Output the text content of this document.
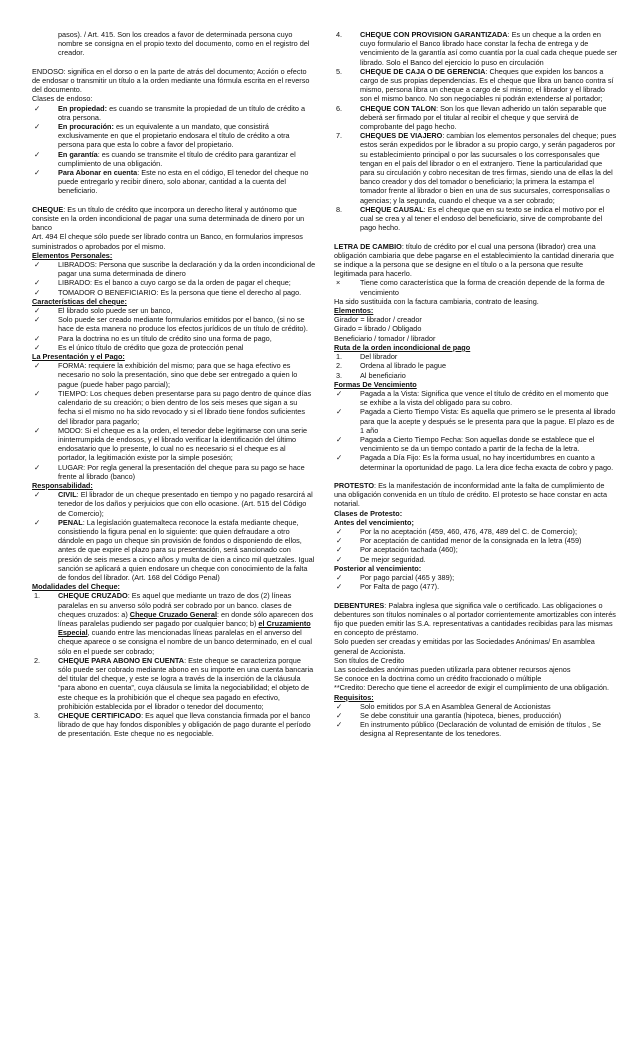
pasos). / Art. 415. Son los creados a favor de determinada persona cuyo nombre se consigna en el propio texto del documento, como en el registro del creador.

ENDOSO: significa en el dorso o en la parte de atrás del documento; Acción o efecto de endosar o transmitir un título a la orden mediante una fórmula escrita en el reverso del documento.

Clases de endoso:

✓	En propiedad: es cuando se transmite la propiedad de un título de crédito a otra persona.
✓	En procuración: es un equivalente a un mandato, que consistirá exclusivamente en que el propietario endosara el título de crédito a otra persona para que esta lo cobre a favor del propietario.
✓	En garantía: es cuando se transmite el título de crédito para garantizar el cumplimiento de una obligación.
✓	Para Abonar en cuenta: Este no esta en el código, El tenedor del cheque no puede entregarlo y recibir dinero, solo abonar, cantidad a la cuenta del beneficiario.

CHEQUE: Es un título de crédito que incorpora un derecho literal y autónomo que consiste en la orden incondicional de pagar una suma determinada de dinero por un banco

Art. 494 El cheque sólo puede ser librado contra un Banco, en formularios impresos suministrados o aprobados por el mismo.

Elementos Personales:

✓	LIBRADOS: Persona que suscribe la declaración y da la orden incondicional de pagar una suma determinada de dinero
✓	LIBRADO: Es el banco a cuyo cargo se da la orden de pagar el cheque;
✓	TOMADOR O BENEFICIARIO: Es la persona que tiene el derecho al pago.

Características del cheque:

✓	El librado solo puede ser un banco,
✓	Solo puede ser creado mediante formularios emitidos por el banco, (si no se hace de esta manera no produce los efectos jurídicos de un título de crédito).
✓	Para la doctrina no es un título de crédito sino una forma de pago,
✓	Es el único título de crédito que goza de protección penal

La Presentación y el Pago:

✓	FORMA: requiere la exhibición del mismo; para que se haga efectivo es necesario no solo la presentación, sino que debe ser entregado a quien lo pague (puede haber pago parcial);
✓	TIEMPO: Los cheques deben presentarse para su pago dentro de quince días calendario de su creación; o bien dentro de los seis meses que sigan a su fecha si el mismo no ha sido revocado y si el librado tiene fondos suficientes del librador para pagarlo;
✓	MODO: Si el cheque es a la orden, el tenedor debe legitimarse con una serie ininterrumpida de endosos, y el librado verificar la identificación del último endosatario que lo presente, lo cual no es necesario si el cheque es al portador, la legitimación existe por la simple posesión;
✓	LUGAR: Por regla general la presentación del cheque para su pago se hace frente al librado (banco)

Responsabilidad:

✓	CIVIL: El librador de un cheque presentado en tiempo y no pagado resarcirá al tenedor de los daños y perjuicios que con ello ocasione. (Art. 515 del Código de Comercio);
✓	PENAL: La legislación guatemalteca reconoce la estafa mediante cheque, consistiendo la figura penal en lo siguiente: que quien defraudare a otro dándole en pago un cheque sin provisión de fondos o disponiendo de ellos, antes de que expire el plazo para su presentación, será sancionado con presión de seis meses a cinco años y multa de cien a cinco mil quetzales. Igual sanción se aplicará a quien endosare un cheque con conocimiento de la falta de fondos del librador. (Art. 168 del Código Penal)

Modalidades del Cheque:

1.	CHEQUE CRUZADO: Es aquel que mediante un trazo de dos (2) líneas paralelas en su anverso sólo podrá ser cobrado por un banco. clases de cheques cruzados: a) Cheque Cruzado General: en donde sólo aparecen dos líneas paralelas pudiendo ser pagado por cualquier banco; b) el Cruzamiento Especial, cuando entre las mencionadas líneas paralelas en el anverso del cheque aparece o se consigna el nombre de un banco determinado, en el cual sólo en el puede ser cobrado;
2.	CHEQUE PARA ABONO EN CUENTA: Este cheque se caracteriza porque sólo puede ser cobrado mediante abono en su importe en una cuenta bancaria del titular del cheque, y este se logra a través de la inserción de la cláusula “para abono en cuenta”, cuya cláusula se limita la negociabilidad; el objeto de este cheque es la prohibición que el cheque sea pagado en efectivo, prohibición establecida por el librador o tenedor del documento;
3.	CHEQUE CERTIFICADO: Es aquel que lleva constancia firmada por el banco librado de que hay fondos disponibles y obligación de pago durante el período de presentación. Este cheque no es negociable.
4.	CHEQUE CON PROVISION GARANTIZADA: Es un cheque a la orden en cuyo formulario el Banco librado hace constar la fecha de entrega y de vencimiento de la garantía así como cuantía por la cual cada cheque puede ser librado. Solo el Banco del ejercicio lo puso en circulación
5.	CHEQUE DE CAJA O DE GERENCIA: Cheques que expiden los bancos a cargo de sus propias dependencias. Es el cheque que libra un banco contra sí mismo, persona libra un cheque a cargo de sí mismo; el librador y el librado son el mismo banco. No son negociables ni podrán extenderse al portador;
6.	CHEQUE CON TALON: Son los que llevan adherido un talón separable que deberá ser firmado por el titular al recibir el cheque y que servirá de comprobante del pago hecho.
7.	CHEQUES DE VIAJERO: cambian los elementos personales del cheque; pues estos serán expedidos por le librador a su propio cargo, y serán pagaderos por su establecimiento principal o por las sucursales o los corresponsales que tengan en el país del librador o en el extranjero. Tiene la particularidad que para su circulación y cobro necesitan de tres firmas, siendo una de ellas la del banco creador y dos del tomador o beneficiario; la primera la estampa el tomador frente al librador o bien en una de sus sucursales, corresponsalías o agencias; y la segunda, cuando el cheque va a ser cobrado;
8.	CHEQUE CAUSAL: Es el cheque que en su texto se indica el motivo por el cual se crea y al tener el endoso del beneficiario, sirve de comprobante del pago hecho.

LETRA DE CAMBIO: título de crédito por el cual una persona (librador) crea una obligación cambiaria que debe pagarse en el establecimiento la cantidad dineraria que se indique a la persona que se designe en el título o a la persona que resulte legitimada para hacerlo.

×	Tiene como característica que la forma de creación depende de la forma de vencimiento

Ha sido sustituida con la factura cambiaria, contrato de leasing.

Elementos:

Girador = librador / creador

Girado = librado / Obligado

Beneficiario / tomador / librador

Ruta de la orden incondicional de pago

1.	Del librador
2.	Ordena al librado le pague
3.	Al beneficiario

Formas De Vencimiento

✓	Pagada a la Vista: Significa que vence el título de crédito en el momento que se exhibe a la vista del obligado para su cobro.
✓	Pagada a Cierto Tiempo Vista: Es aquella que primero se le presenta al librado para que la acepte y después se le presenta para que la pague. El plazo es de 1 año
✓	Pagada a Cierto Tiempo Fecha: Son aquellas donde se establece que el vencimiento se da un tiempo contado a partir de la fecha de la letra.
✓	Pagada a Día Fijo: Es la forma usual, no hay incertidumbres en cuanto a determinar la oportunidad de pago. La lera dice fecha exacta de cobro y pago.

PROTESTO: Es la manifestación de inconformidad ante la falta de cumplimiento de una obligación convenida en un título de crédito. El protesto se hace constar en acta notarial.

Clases de Protesto:

Antes del vencimiento;

✓	Por la no aceptación (459, 460, 476, 478, 489 del C. de Comercio);
✓	Por aceptación de cantidad menor de la consignada en la letra (459)
✓	Por aceptación tachada (460);
✓	De mejor seguridad.

Posterior al vencimiento:

✓	Por pago parcial (465 y 389);
✓	Por Falta de pago (477).

DEBENTURES: Palabra inglesa que significa vale o certificado. Las obligaciones o debentures son títulos nominales o al portador corrientemente amortizables con interés fijo que pueden emitir las S.A. representativas a cantidades recibidas para las mismas en concepto de préstamo.

Solo pueden ser creadas y emitidas por las Sociedades Anónimas/ En asamblea general de Accionista.

Son títulos de Credito

Las sociedades anónimas pueden utilizarla para obtener recursos ajenos

Se conoce en la doctrina como un crédito fraccionado o múltiple

**Credito: Derecho que tiene el acreedor de exigir el cumplimiento de una obligación.

Requisitos:

✓	Solo emitidos por S.A en Asamblea General de Accionistas
✓	Se debe constituir una garantía (hipoteca, bienes, producción)
✓	En instrumento público (Declaración de voluntad de emisión de títulos , Se designa al Representante de los tenedores.
